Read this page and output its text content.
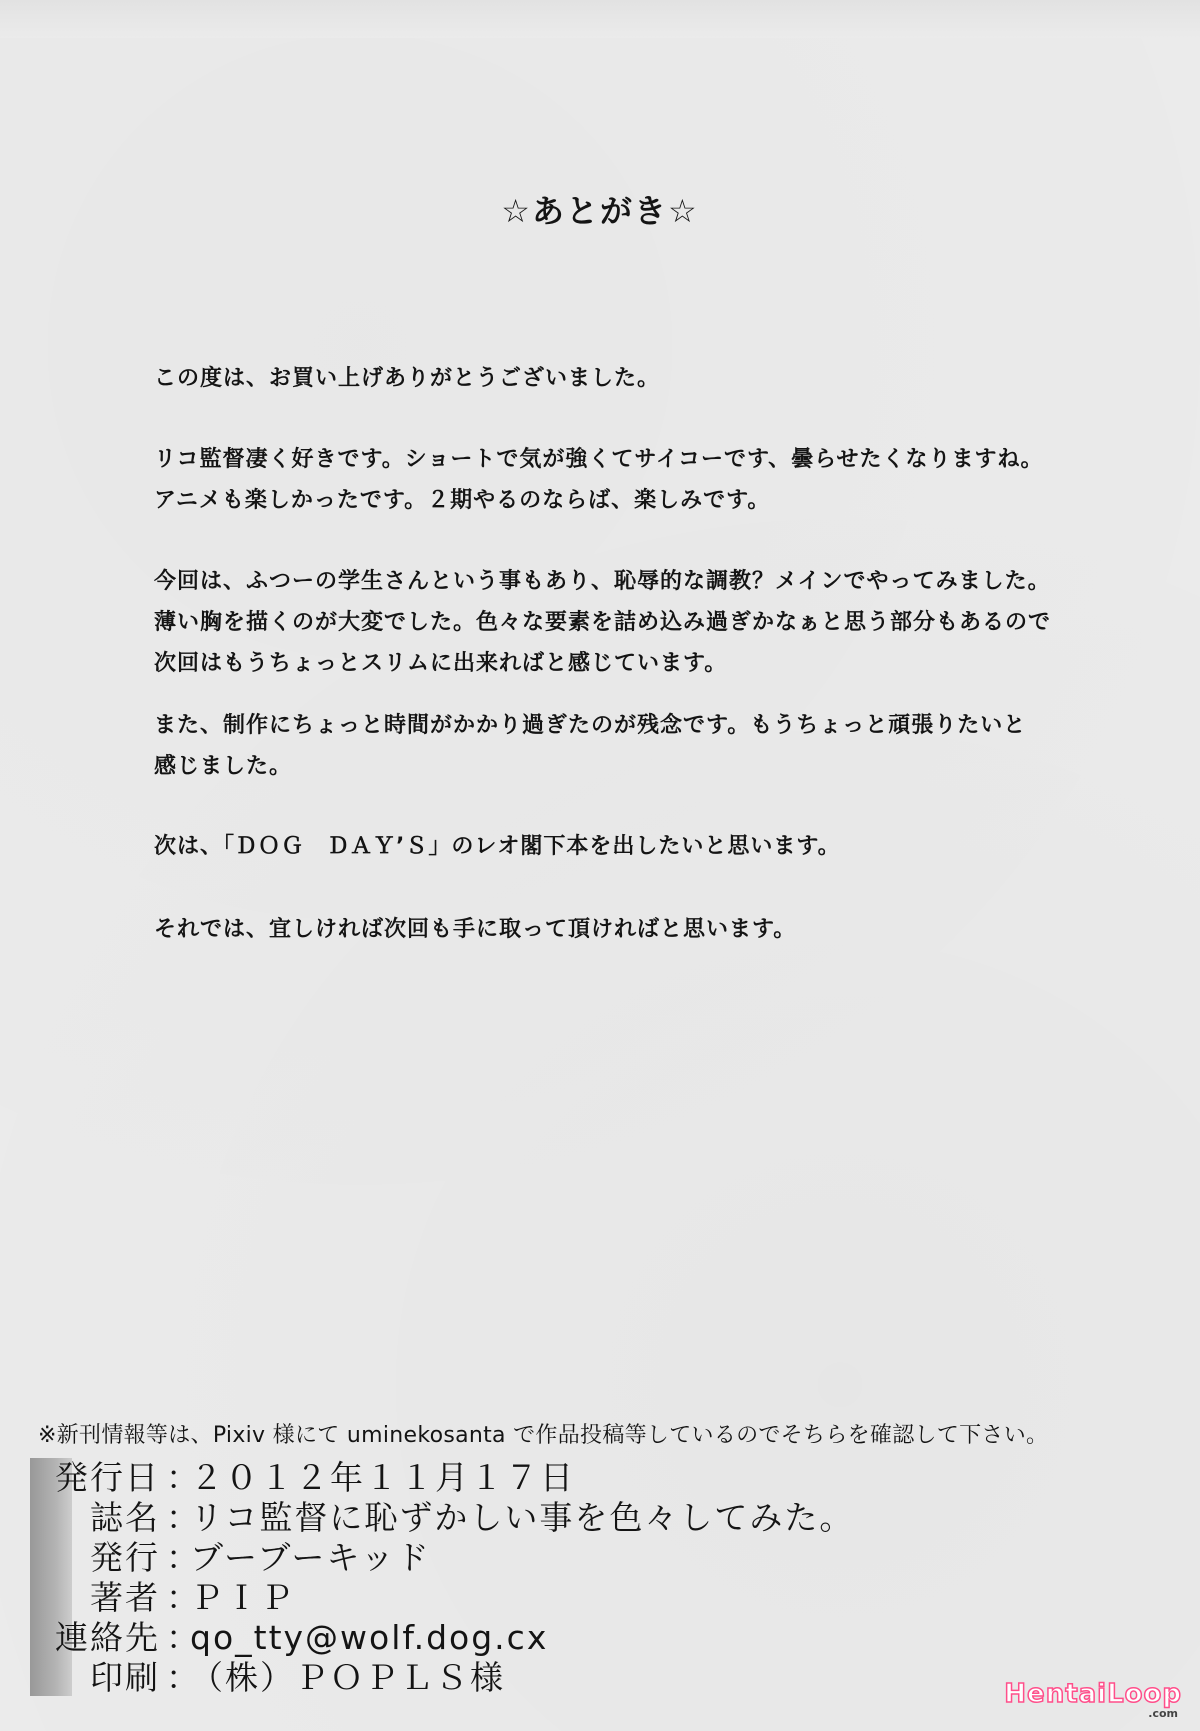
☆あとがき☆

この度は、お買い上げありがとうございました。

リコ監督凄く好きです。ショートで気が強くてサイコーです、曇らせたくなりますね。
アニメも楽しかったです。２期やるのならば、楽しみです。

今回は、ふつーの学生さんという事もあり、恥辱的な調教？メインでやってみました。
薄い胸を描くのが大変でした。色々な要素を詰め込み過ぎかなぁと思う部分もあるので
次回はもうちょっとスリムに出来ればと感じています。

また、制作にちょっと時間がかかり過ぎたのが残念です。もうちょっと頑張りたいと
感じました。

次は、「ＤＯＧ　ＤＡＹ’Ｓ」のレオ閣下本を出したいと思います。

それでは、宜しければ次回も手に取って頂ければと思います。

※新刊情報等は、Pixiv 様にて uminekosanta で作品投稿等しているのでそちらを確認して下さい。
発行日 ：
２０１２年１１月１７日
誌名 ：
リコ監督に恥ずかしい事を色々してみた。
発行 ：
ブーブーキッド
著者 ：
ＰＩＰ
連絡先 ：
qo_tty@wolf.dog.cx
印刷 ：
（株）ＰＯＰＬＳ様	HentaiLoop
.com
